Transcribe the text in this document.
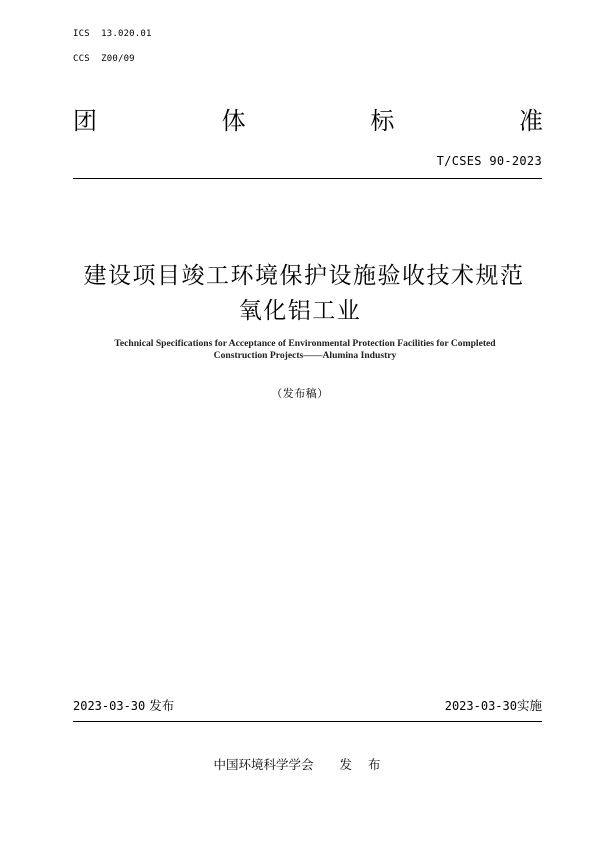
ICS  13.020.01
CCS  Z00/09
团	体	标	准
T/CSES 90-2023
建设项目竣工环境保护设施验收技术规范
氧化铝工业
Technical Specifications for Acceptance of Environmental Protection Facilities for Completed
Construction Projects——Alumina Industry
（发布稿）
2023-03-30 发布	2023-03-30实施
中国环境科学学会 发 布
